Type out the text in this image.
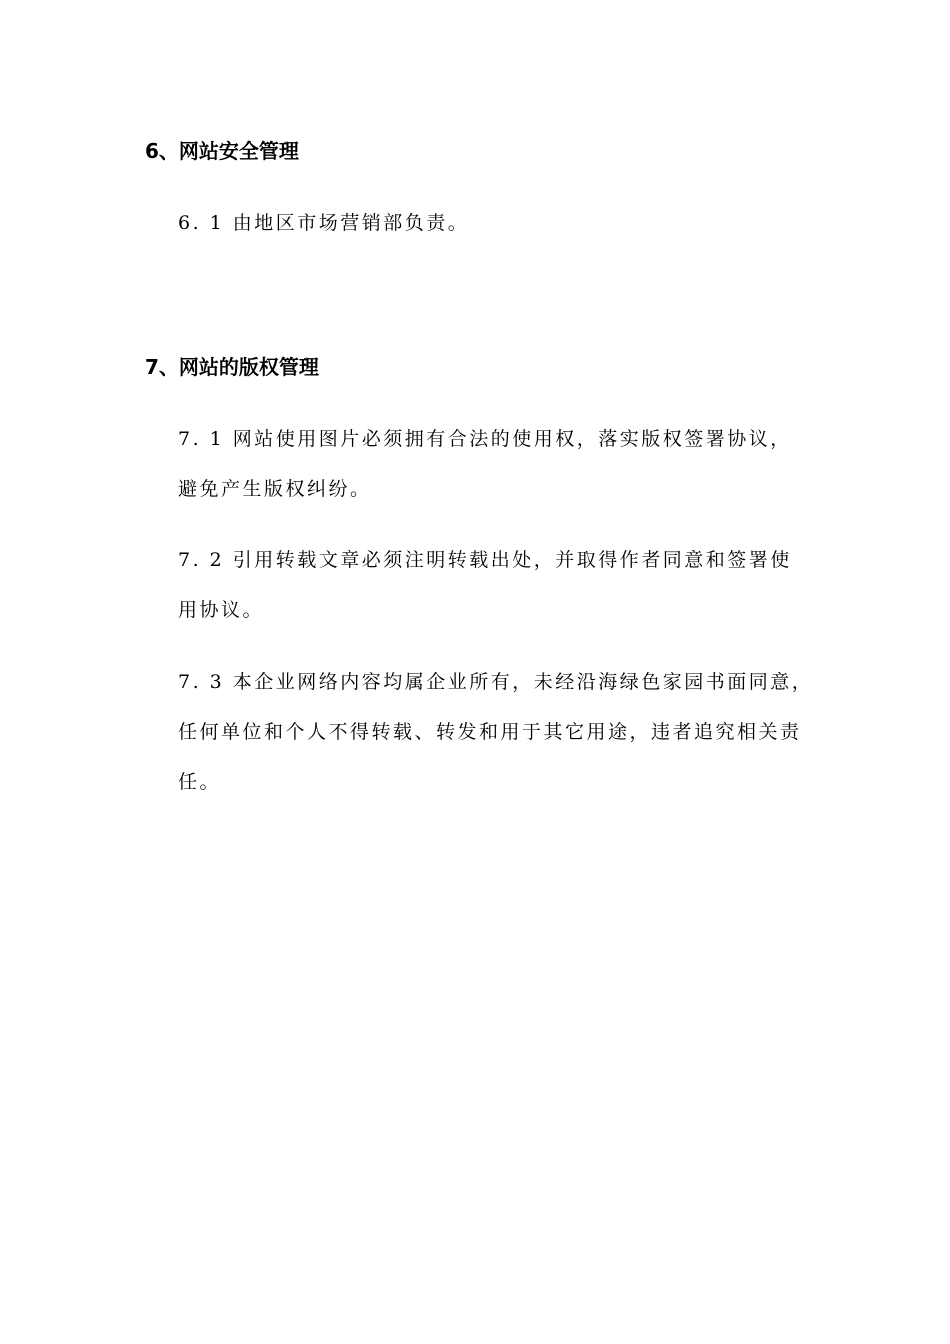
6、网站安全管理
6. 1 由地区市场营销部负责。
7、网站的版权管理
7. 1 网站使用图片必须拥有合法的使用权，落实版权签署协议，
避免产生版权纠纷。
7. 2 引用转载文章必须注明转载出处，并取得作者同意和签署使
用协议。
7. 3 本企业网络内容均属企业所有，未经沿海绿色家园书面同意，
任何单位和个人不得转载、转发和用于其它用途，违者追究相关责
任。
